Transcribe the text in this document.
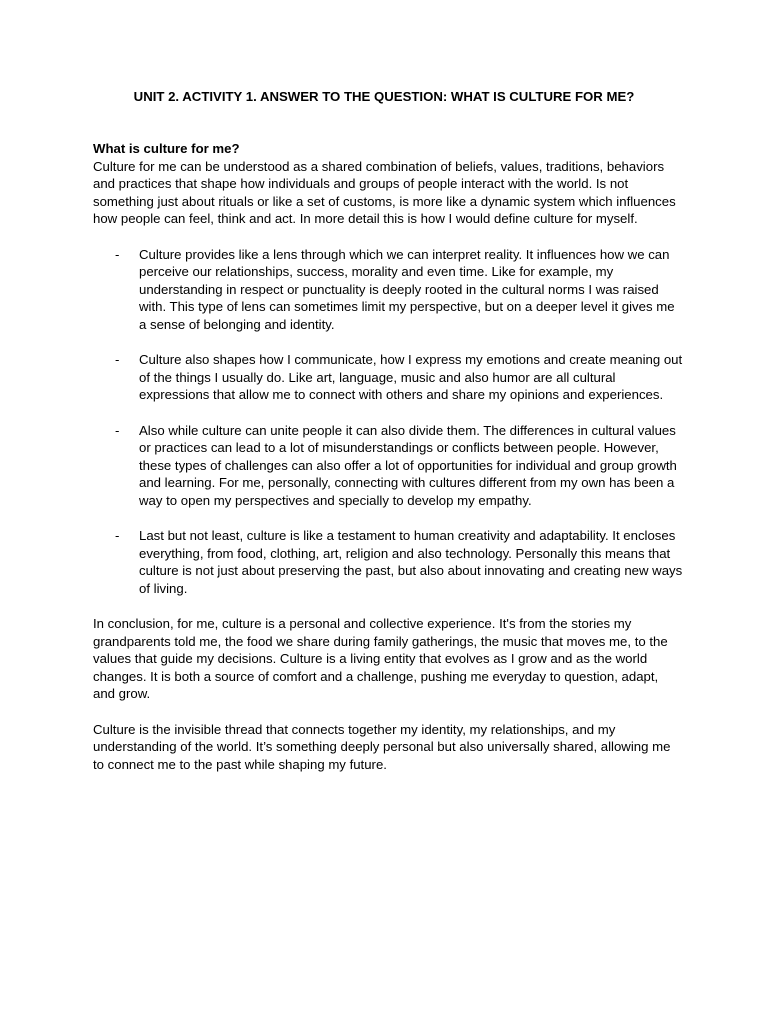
UNIT 2. ACTIVITY 1. ANSWER TO THE QUESTION: WHAT IS CULTURE FOR ME?

What is culture for me?

Culture for me can be understood as a shared combination of beliefs, values, traditions, behaviors and practices that shape how individuals and groups of people interact with the world. Is not something just about rituals or like a set of customs, is more like a dynamic system which influences how people can feel, think and act. In more detail this is how I would define culture for myself.

- Culture provides like a lens through which we can interpret reality. It influences how we can perceive our relationships, success, morality and even time. Like for example, my understanding in respect or punctuality is deeply rooted in the cultural norms I was raised with. This type of lens can sometimes limit my perspective, but on a deeper level it gives me a sense of belonging and identity.
- Culture also shapes how I communicate, how I express my emotions and create meaning out of the things I usually do. Like art, language, music and also humor are all cultural expressions that allow me to connect with others and share my opinions and experiences.
- Also while culture can unite people it can also divide them. The differences in cultural values or practices can lead to a lot of misunderstandings or conflicts between people. However, these types of challenges can also offer a lot of opportunities for individual and group growth and learning. For me, personally, connecting with cultures different from my own has been a way to open my perspectives and specially to develop my empathy.
- Last but not least, culture is like a testament to human creativity and adaptability. It encloses everything, from food, clothing, art, religion and also technology. Personally this means that culture is not just about preserving the past, but also about innovating and creating new ways of living.

In conclusion, for me, culture is a personal and collective experience. It's from the stories my grandparents told me, the food we share during family gatherings, the music that moves me, to the values that guide my decisions. Culture is a living entity that evolves as I grow and as the world changes. It is both a source of comfort and a challenge, pushing me everyday to question, adapt, and grow.

Culture is the invisible thread that connects together my identity, my relationships, and my understanding of the world. It’s something deeply personal but also universally shared, allowing me to connect me to the past while shaping my future.
